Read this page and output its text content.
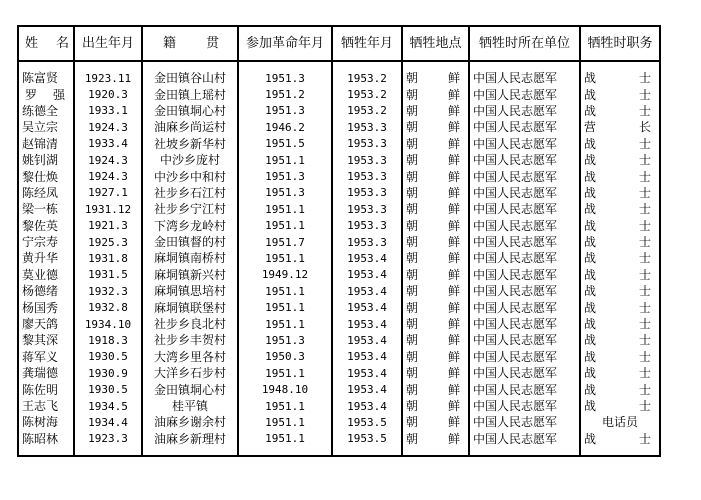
姓 名	出生年月	籍 贯	参加革命年月	牺牲年月	牺牲地点	牺牲时所在单位	牺牲时职务

陈富贤	1923.11	金田镇谷山村	1951.3	1953.2	朝 鲜	中国人民志愿军	战 士

罗 强	1920.3	金田镇上瑶村	1951.2	1953.2	朝 鲜	中国人民志愿军	战 士

练德全	1933.1	金田镇垌心村	1951.3	1953.2	朝 鲜	中国人民志愿军	战 士

吴立宗	1924.3	油麻乡尚运村	1946.2	1953.3	朝 鲜	中国人民志愿军	营 长

赵锦清	1933.4	社坡乡新华村	1951.5	1953.3	朝 鲜	中国人民志愿军	战 士

姚钊湖	1924.3	中沙乡庞村	1951.1	1953.3	朝 鲜	中国人民志愿军	战 士

黎仕焕	1924.3	中沙乡中和村	1951.3	1953.3	朝 鲜	中国人民志愿军	战 士

陈经凤	1927.1	社步乡石江村	1951.3	1953.3	朝 鲜	中国人民志愿军	战 士

梁一栋	1931.12	社步乡宁江村	1951.1	1953.3	朝 鲜	中国人民志愿军	战 士

黎佐英	1921.3	下湾乡龙岭村	1951.1	1953.3	朝 鲜	中国人民志愿军	战 士

宁宗寿	1925.3	金田镇督的村	1951.7	1953.3	朝 鲜	中国人民志愿军	战 士

黄升华	1931.8	麻垌镇南桥村	1951.1	1953.4	朝 鲜	中国人民志愿军	战 士

莫业德	1931.5	麻垌镇新兴村	1949.12	1953.4	朝 鲜	中国人民志愿军	战 士

杨德绪	1932.3	麻垌镇思培村	1951.1	1953.4	朝 鲜	中国人民志愿军	战 士

杨国秀	1932.8	麻垌镇联堡村	1951.1	1953.4	朝 鲜	中国人民志愿军	战 士

廖天鸽	1934.10	社步乡良北村	1951.1	1953.4	朝 鲜	中国人民志愿军	战 士

黎其深	1918.3	社步乡丰贺村	1951.3	1953.4	朝 鲜	中国人民志愿军	战 士

蒋军义	1930.5	大湾乡里各村	1950.3	1953.4	朝 鲜	中国人民志愿军	战 士

龚瑞德	1930.9	大洋乡石步村	1951.1	1953.4	朝 鲜	中国人民志愿军	战 士

陈佐明	1930.5	金田镇垌心村	1948.10	1953.4	朝 鲜	中国人民志愿军	战 士

王志飞	1934.5	桂平镇	1951.1	1953.4	朝 鲜	中国人民志愿军	战 士

陈树海	1934.4	油麻乡谢余村	1951.1	1953.5	朝 鲜	中国人民志愿军	电话员
陈昭林	1923.3	油麻乡新理村	1951.1	1953.5	朝 鲜	中国人民志愿军	战 士
